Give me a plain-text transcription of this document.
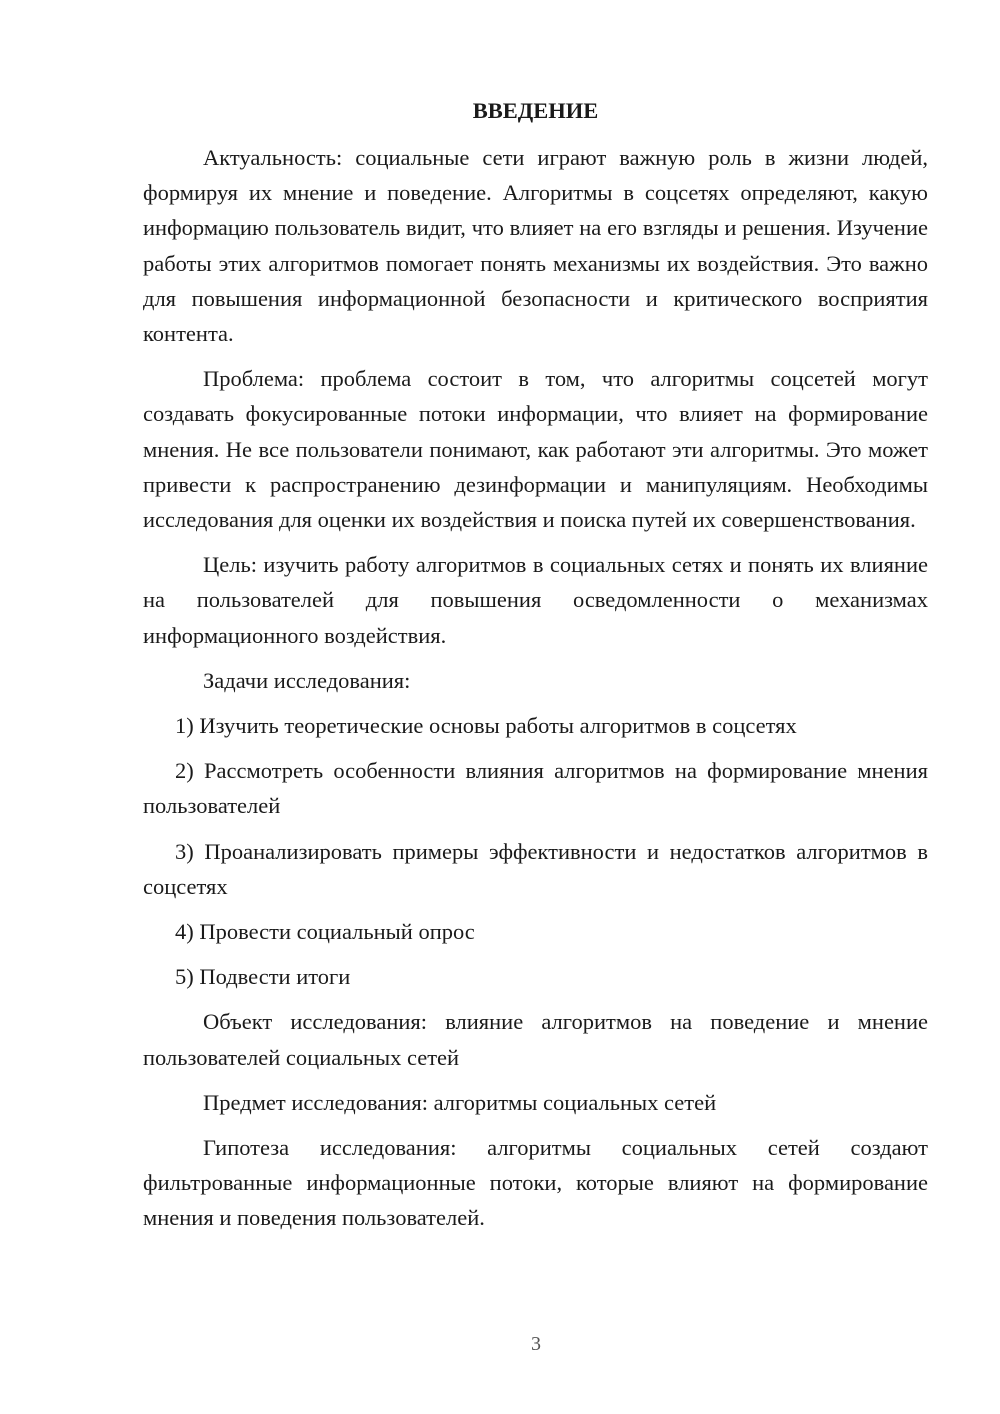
ВВЕДЕНИЕ

Актуальность: социальные сети играют важную роль в жизни людей, формируя их мнение и поведение. Алгоритмы в соцсетях определяют, какую информацию пользователь видит, что влияет на его взгляды и решения. Изучение работы этих алгоритмов помогает понять механизмы их воздействия. Это важно для повышения информационной безопасности и критического восприятия контента.

Проблема: проблема состоит в том, что алгоритмы соцсетей могут создавать фокусированные потоки информации, что влияет на формирование мнения. Не все пользователи понимают, как работают эти алгоритмы. Это может привести к распространению дезинформации и манипуляциям. Необходимы исследования для оценки их воздействия и поиска путей их совершенствования.

Цель: изучить работу алгоритмов в социальных сетях и понять их влияние на пользователей для повышения осведомленности о механизмах информационного воздействия.

Задачи исследования:

1) Изучить теоретические основы работы алгоритмов в соцсетях

2) Рассмотреть особенности влияния алгоритмов на формирование мнения пользователей

3) Проанализировать примеры эффективности и недостатков алгоритмов в соцсетях

4) Провести социальный опрос

5) Подвести итоги

Объект исследования: влияние алгоритмов на поведение и мнение пользователей социальных сетей

Предмет исследования: алгоритмы социальных сетей

Гипотеза исследования: алгоритмы социальных сетей создают фильтрованные информационные потоки, которые влияют на формирование мнения и поведения пользователей.

3
